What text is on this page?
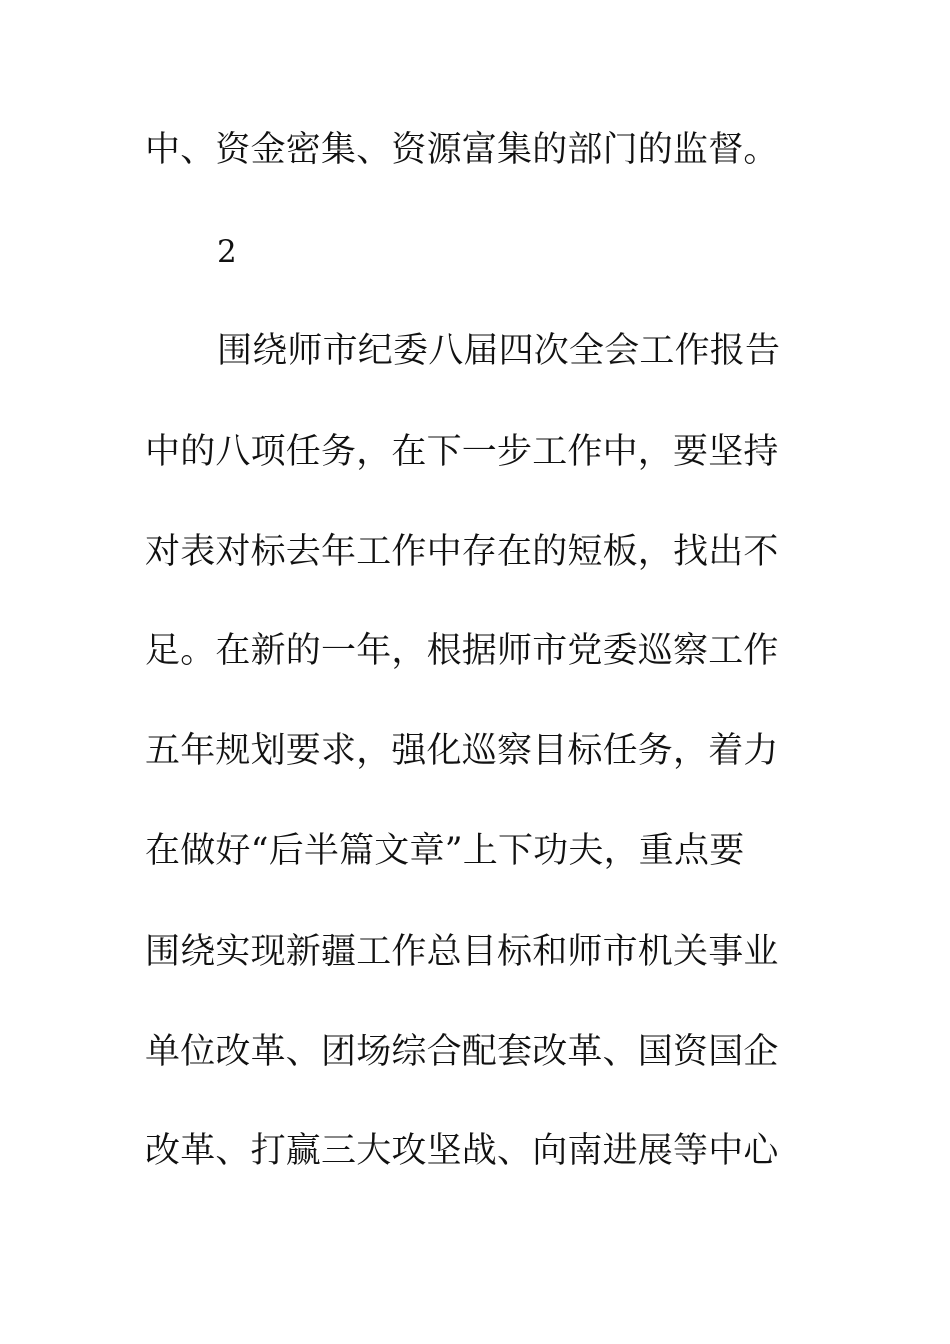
中、资金密集、资源富集的部门的监督。
2
围绕师市纪委八届四次全会工作报告
中的八项任务，在下一步工作中，要坚持
对表对标去年工作中存在的短板，找出不
足。在新的一年，根据师市党委巡察工作
五年规划要求，强化巡察目标任务，着力
在做好“后半篇文章”上下功夫，重点要
围绕实现新疆工作总目标和师市机关事业
单位改革、团场综合配套改革、国资国企
改革、打赢三大攻坚战、向南进展等中心
